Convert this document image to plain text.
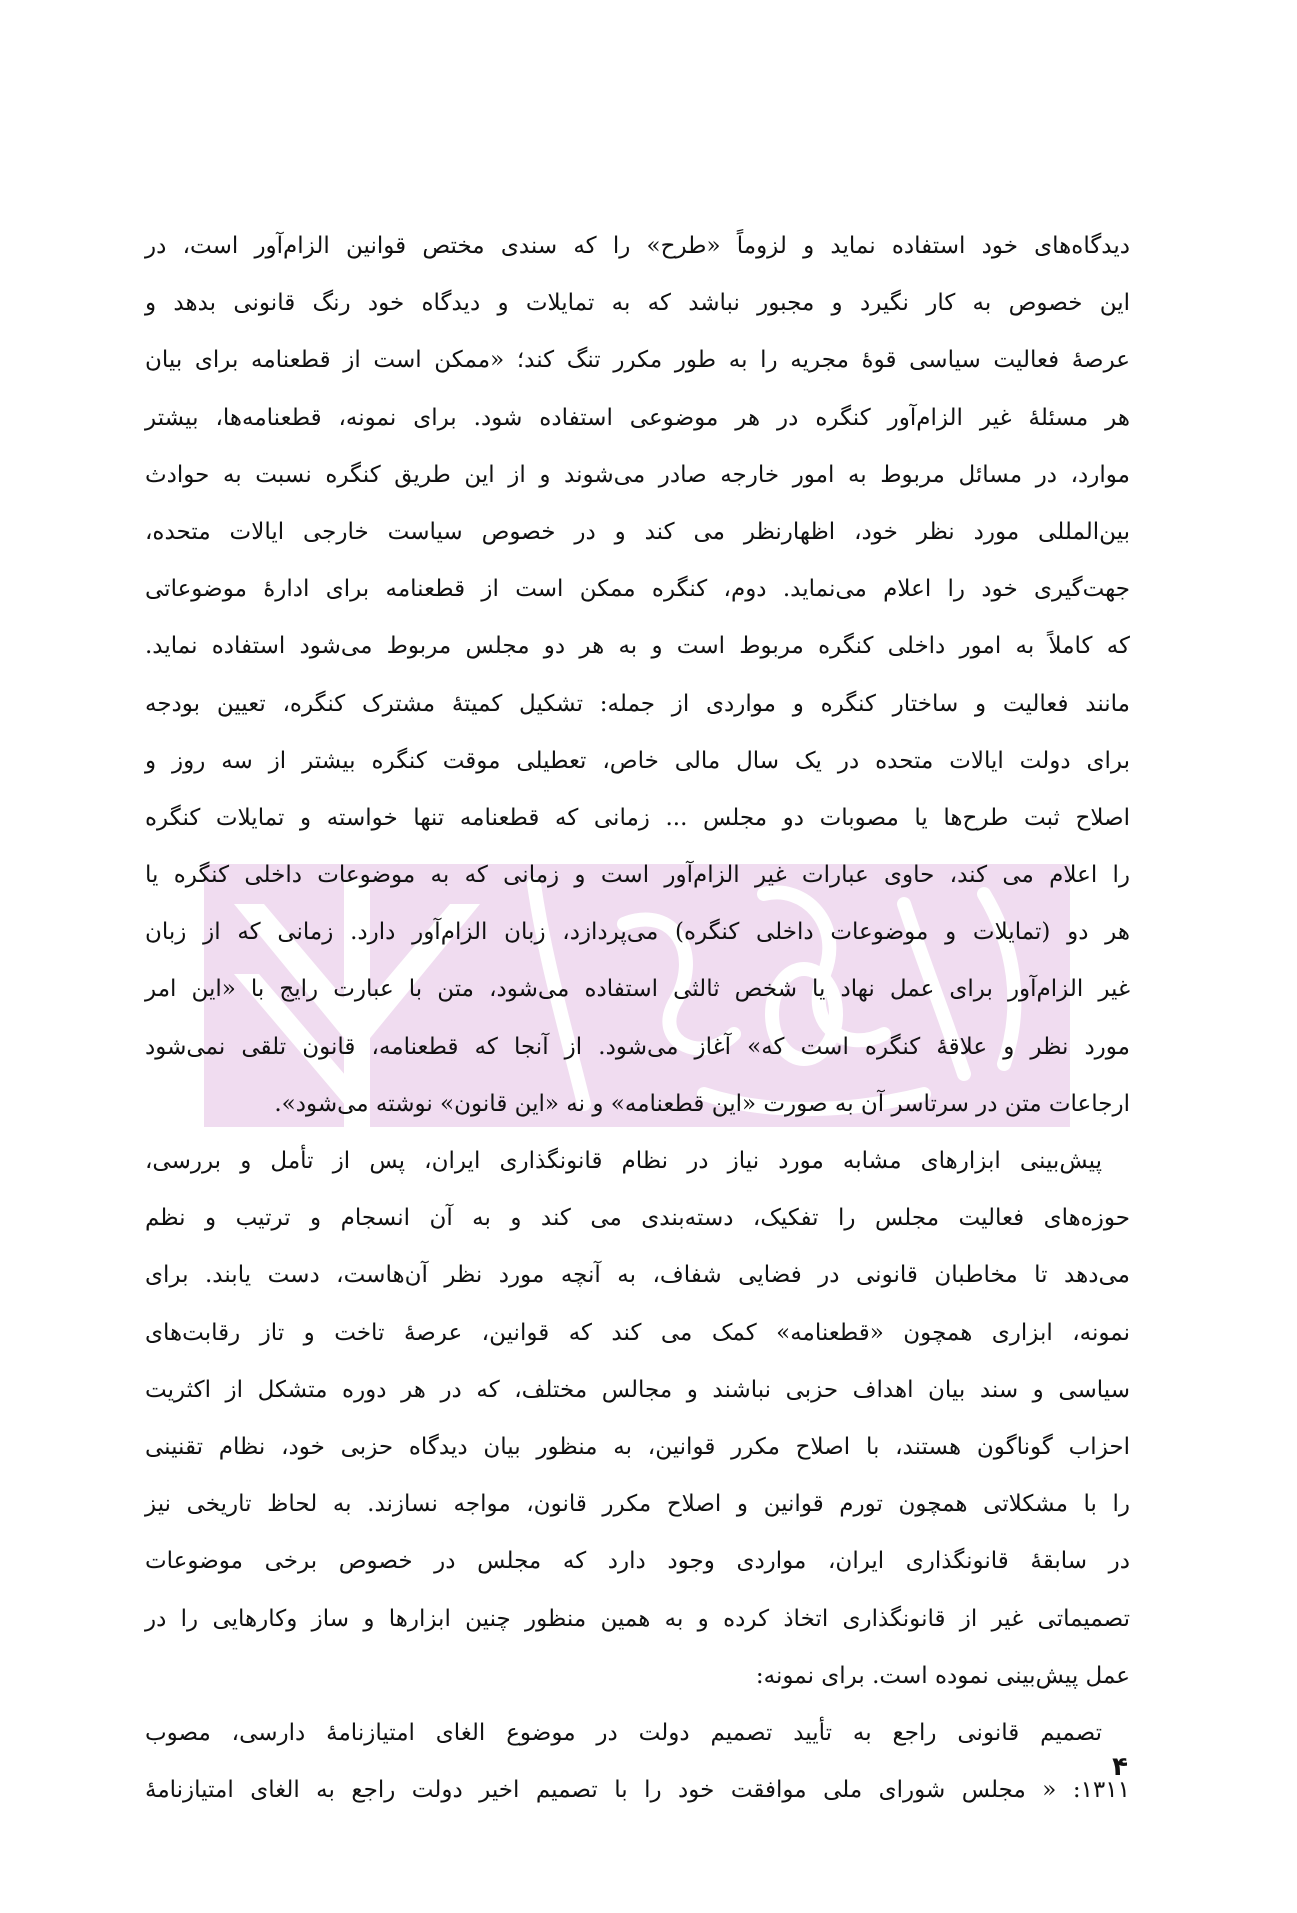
دیدگاه‌های خود استفاده نماید و لزوماً «طرح» را که سندی مختص قوانین الزام‌آور است، در
این خصوص به کار نگیرد و مجبور نباشد که به تمایلات و دیدگاه خود رنگ قانونی بدهد و
عرصهٔ فعالیت سیاسی قوهٔ مجریه را به طور مکرر تنگ کند؛ «ممکن است از قطعنامه برای بیان
هر مسئلهٔ غیر الزام‌آور کنگره در هر موضوعی استفاده شود. برای نمونه، قطعنامه‌ها، بیشتر
موارد، در مسائل مربوط به امور خارجه صادر می‌شوند و از این طریق کنگره نسبت به حوادث
بین‌المللی مورد نظر خود، اظهارنظر می کند و در خصوص سیاست خارجی ایالات متحده،
جهت‌گیری خود را اعلام می‌نماید. دوم، کنگره ممکن است از قطعنامه برای ادارهٔ موضوعاتی
که کاملاً به امور داخلی کنگره مربوط است و به هر دو مجلس مربوط می‌شود استفاده نماید.
مانند فعالیت و ساختار کنگره و مواردی از جمله: تشکیل کمیتهٔ مشترک کنگره، تعیین بودجه
برای دولت ایالات متحده در یک سال مالی خاص، تعطیلی موقت کنگره بیشتر از سه روز و
اصلاح ثبت طرح‌ها یا مصوبات دو مجلس ... زمانی که قطعنامه تنها خواسته و تمایلات کنگره
را اعلام می کند، حاوی عبارات غیر الزام‌آور است و زمانی که به موضوعات داخلی کنگره یا
هر دو (تمایلات و موضوعات داخلی کنگره) می‌پردازد، زبان الزام‌آور دارد. زمانی که از زبان
غیر الزام‌آور برای عمل نهاد یا شخص ثالثی استفاده می‌شود، متن با عبارت رایج با «این امر
مورد نظر و علاقهٔ کنگره است که» آغاز می‌شود. از آنجا که قطعنامه، قانون تلقی نمی‌شود
ارجاعات متن در سرتاسر آن به صورت «این قطعنامه» و نه «این قانون» نوشته می‌شود».
پیش‌بینی ابزارهای مشابه مورد نیاز در نظام قانونگذاری ایران، پس از تأمل و بررسی،
حوزه‌های فعالیت مجلس را تفکیک، دسته‌بندی می کند و به آن انسجام و ترتیب و نظم
می‌دهد تا مخاطبان قانونی در فضایی شفاف، به آنچه مورد نظر آن‌هاست، دست یابند. برای
نمونه، ابزاری همچون «قطعنامه» کمک می کند که قوانین، عرصهٔ تاخت و تاز رقابت‌های
سیاسی و سند بیان اهداف حزبی نباشند و مجالس مختلف، که در هر دوره متشکل از اکثریت
احزاب گوناگون هستند، با اصلاح مکرر قوانین، به منظور بیان دیدگاه حزبی خود، نظام تقنینی
را با مشکلاتی همچون تورم قوانین و اصلاح مکرر قانون، مواجه نسازند. به لحاظ تاریخی نیز
در سابقهٔ قانونگذاری ایران، مواردی وجود دارد که مجلس در خصوص برخی موضوعات
تصمیماتی غیر از قانونگذاری اتخاذ کرده و به همین منظور چنین ابزارها و ساز وکارهایی را در
عمل پیش‌بینی نموده است. برای نمونه:
تصمیم قانونی راجع به تأیید تصمیم دولت در موضوع الغای امتیازنامهٔ دارسی، مصوب
۱۳۱۱: « مجلس شورای ملی موافقت خود را با تصمیم اخیر دولت راجع به الغای امتیازنامهٔ
۴
